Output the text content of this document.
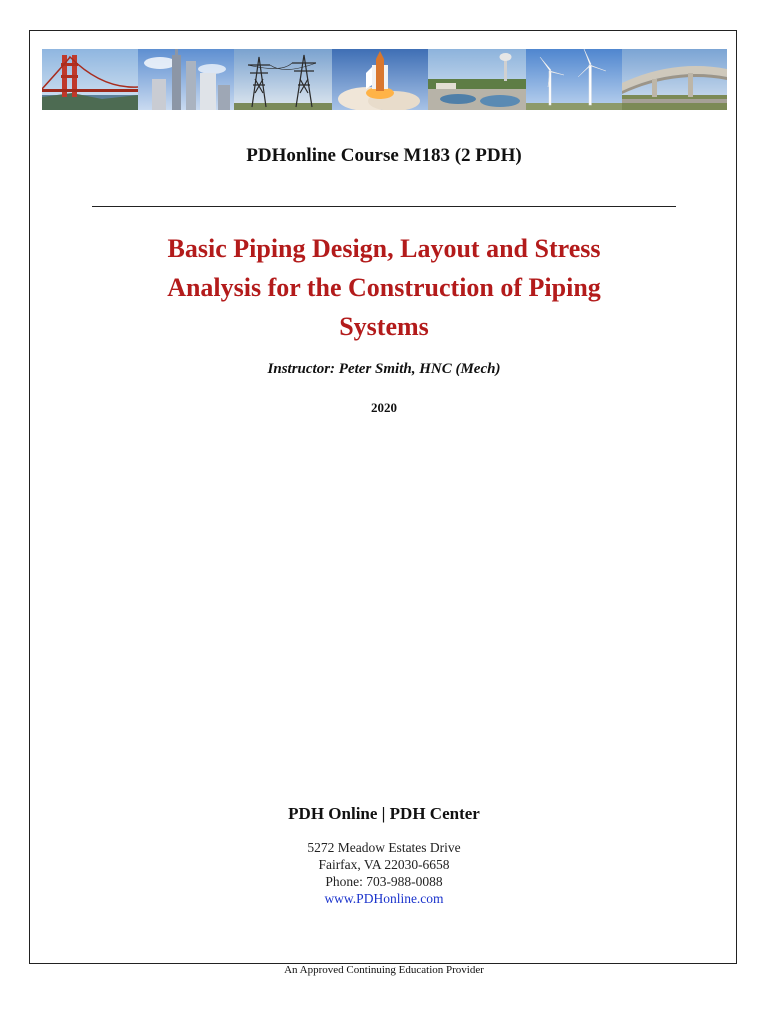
PDHonline Course M183 (2 PDH)
Basic Piping Design, Layout and Stress
Analysis for the Construction of Piping
Systems
Instructor: Peter Smith, HNC (Mech)
2020
PDH Online | PDH Center
5272 Meadow Estates Drive
Fairfax, VA 22030-6658
Phone: 703-988-0088
www.PDHonline.com
An Approved Continuing Education Provider
